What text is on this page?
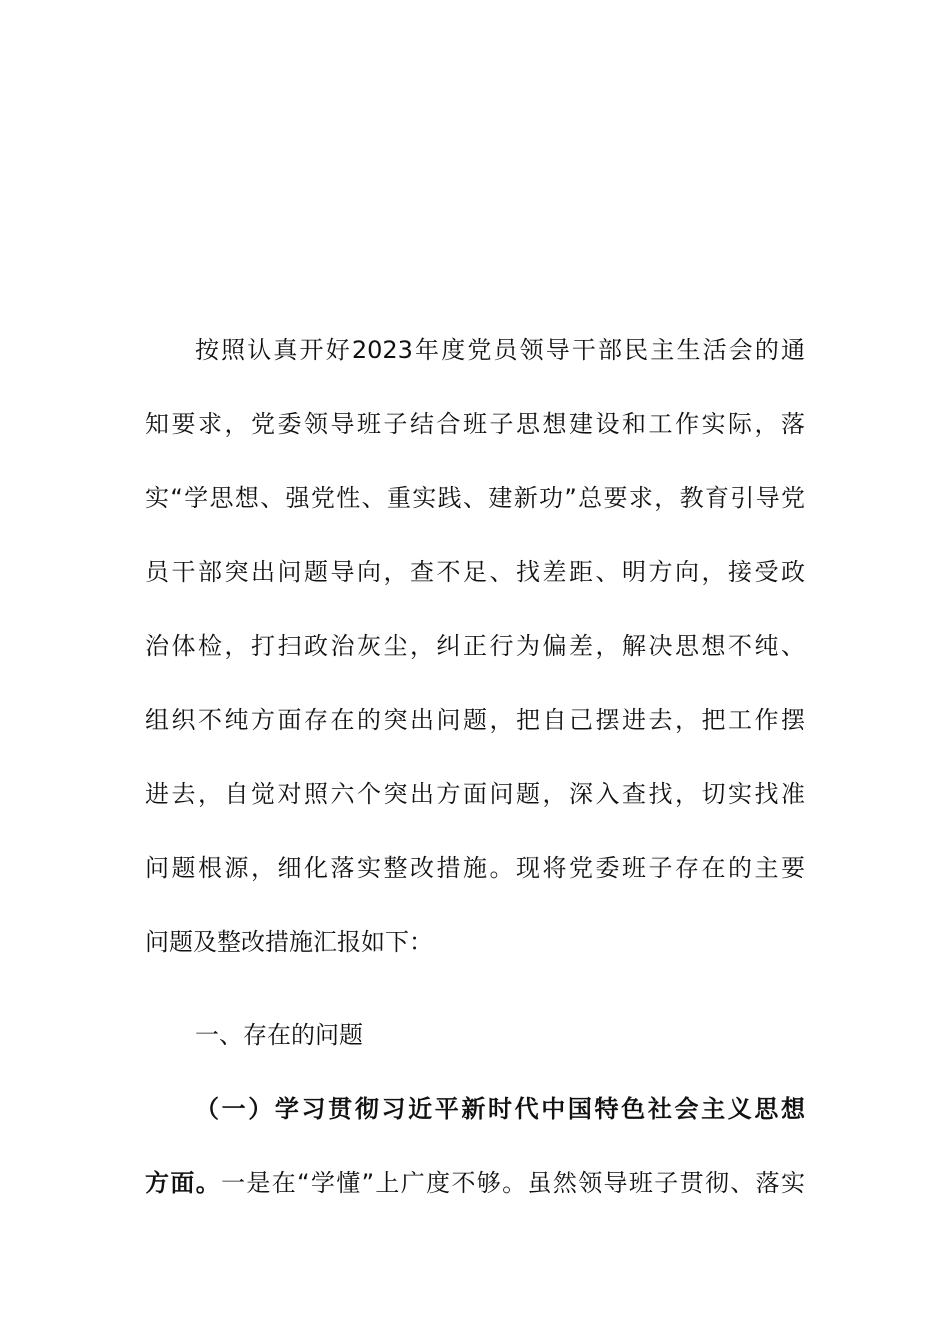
按照认真开好2023年度党员领导干部民主生活会的通
知要求，党委领导班子结合班子思想建设和工作实际，落
实“学思想、强党性、重实践、建新功”总要求，教育引导党
员干部突出问题导向，查不足、找差距、明方向，接受政
治体检，打扫政治灰尘，纠正行为偏差，解决思想不纯、
组织不纯方面存在的突出问题，把自己摆进去，把工作摆
进去，自觉对照六个突出方面问题，深入查找，切实找准
问题根源，细化落实整改措施。现将党委班子存在的主要
问题及整改措施汇报如下：
一、存在的问题
（一）学习贯彻习近平新时代中国特色社会主义思想
方面。一是在“学懂”上广度不够。虽然领导班子贯彻、落实
